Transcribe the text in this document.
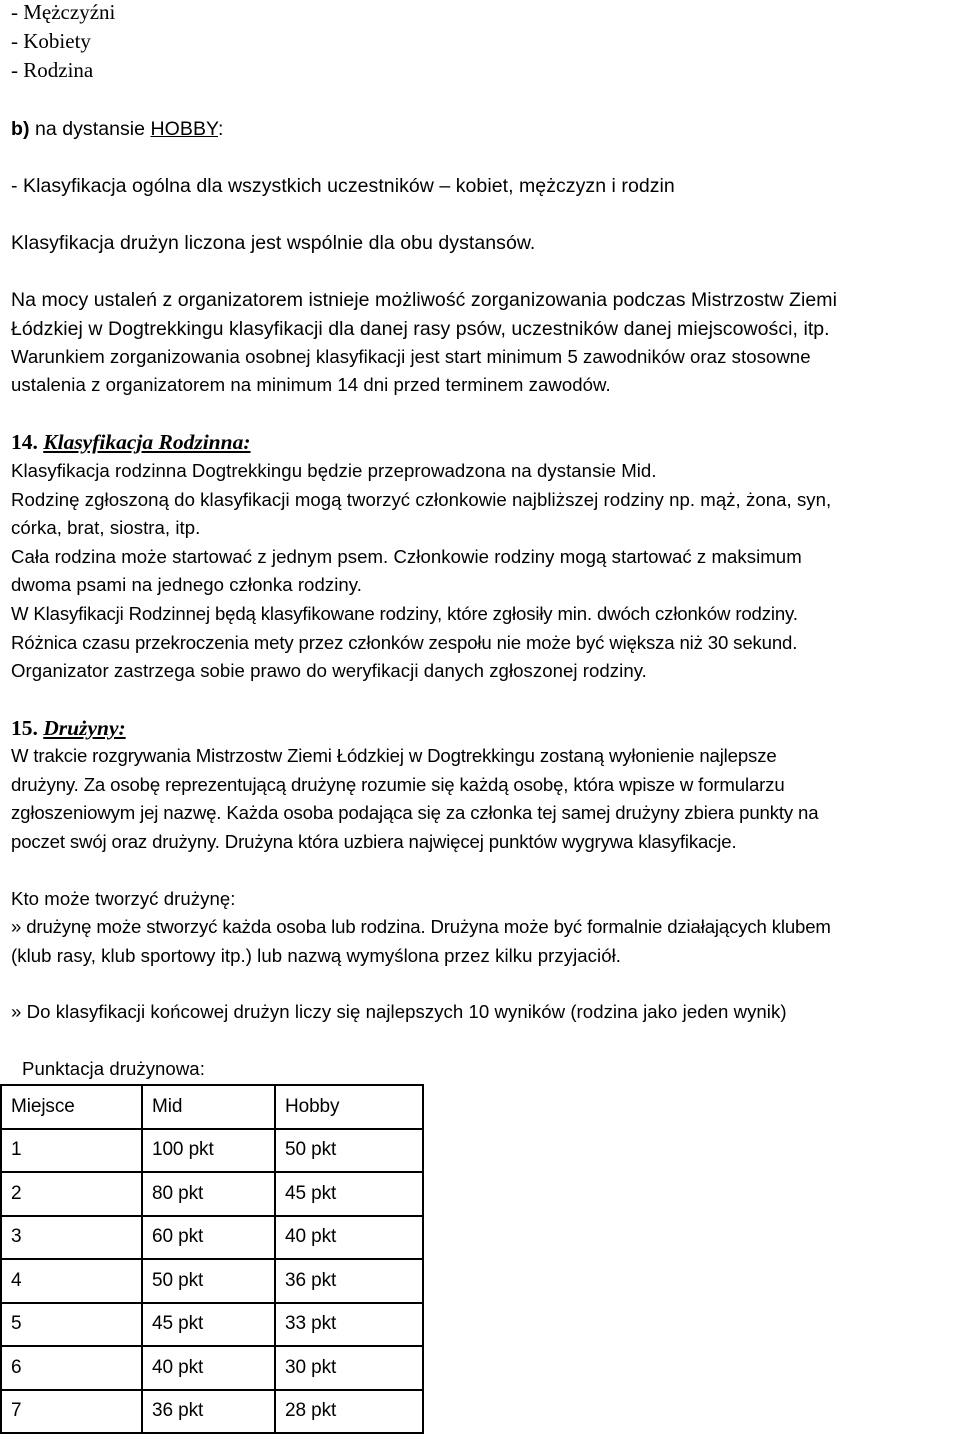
- Mężczyźni
- Kobiety
- Rodzina
b) na dystansie HOBBY:
- Klasyfikacja ogólna dla wszystkich uczestników – kobiet, mężczyzn i rodzin
Klasyfikacja drużyn liczona jest wspólnie dla obu dystansów.
Na mocy ustaleń z organizatorem istnieje możliwość zorganizowania podczas Mistrzostw Ziemi
Łódzkiej w Dogtrekkingu klasyfikacji dla danej rasy psów, uczestników danej miejscowości, itp.
Warunkiem zorganizowania osobnej klasyfikacji jest start minimum 5 zawodników oraz stosowne
ustalenia z organizatorem na minimum 14 dni przed terminem zawodów.
14. Klasyfikacja Rodzinna:
Klasyfikacja rodzinna Dogtrekkingu będzie przeprowadzona na dystansie Mid.
Rodzinę zgłoszoną do klasyfikacji mogą tworzyć członkowie najbliższej rodziny np. mąż, żona, syn,
córka, brat, siostra, itp.
Cała rodzina może startować z jednym psem. Członkowie rodziny mogą startować z maksimum
dwoma psami na jednego członka rodziny.
W Klasyfikacji Rodzinnej będą klasyfikowane rodziny, które zgłosiły min. dwóch członków rodziny.
Różnica czasu przekroczenia mety przez członków zespołu nie może być większa niż 30 sekund.
Organizator zastrzega sobie prawo do weryfikacji danych zgłoszonej rodziny.
15. Drużyny:
W trakcie rozgrywania Mistrzostw Ziemi Łódzkiej w Dogtrekkingu zostaną wyłonienie najlepsze
drużyny. Za osobę reprezentującą drużynę rozumie się każdą osobę, która wpisze w formularzu
zgłoszeniowym jej nazwę. Każda osoba podająca się za członka tej samej drużyny zbiera punkty na
poczet swój oraz drużyny. Drużyna która uzbiera najwięcej punktów wygrywa klasyfikacje.
Kto może tworzyć drużynę:
» drużynę może stworzyć każda osoba lub rodzina. Drużyna może być formalnie działających klubem
(klub rasy, klub sportowy itp.) lub nazwą wymyślona przez kilku przyjaciół.
» Do klasyfikacji końcowej drużyn liczy się najlepszych 10 wyników (rodzina jako jeden wynik)
Punktacja drużynowa:
Miejsce	Mid	Hobby
1	100 pkt	50 pkt
2	80 pkt	45 pkt
3	60 pkt	40 pkt
4	50 pkt	36 pkt
5	45 pkt	33 pkt
6	40 pkt	30 pkt
7	36 pkt	28 pkt
